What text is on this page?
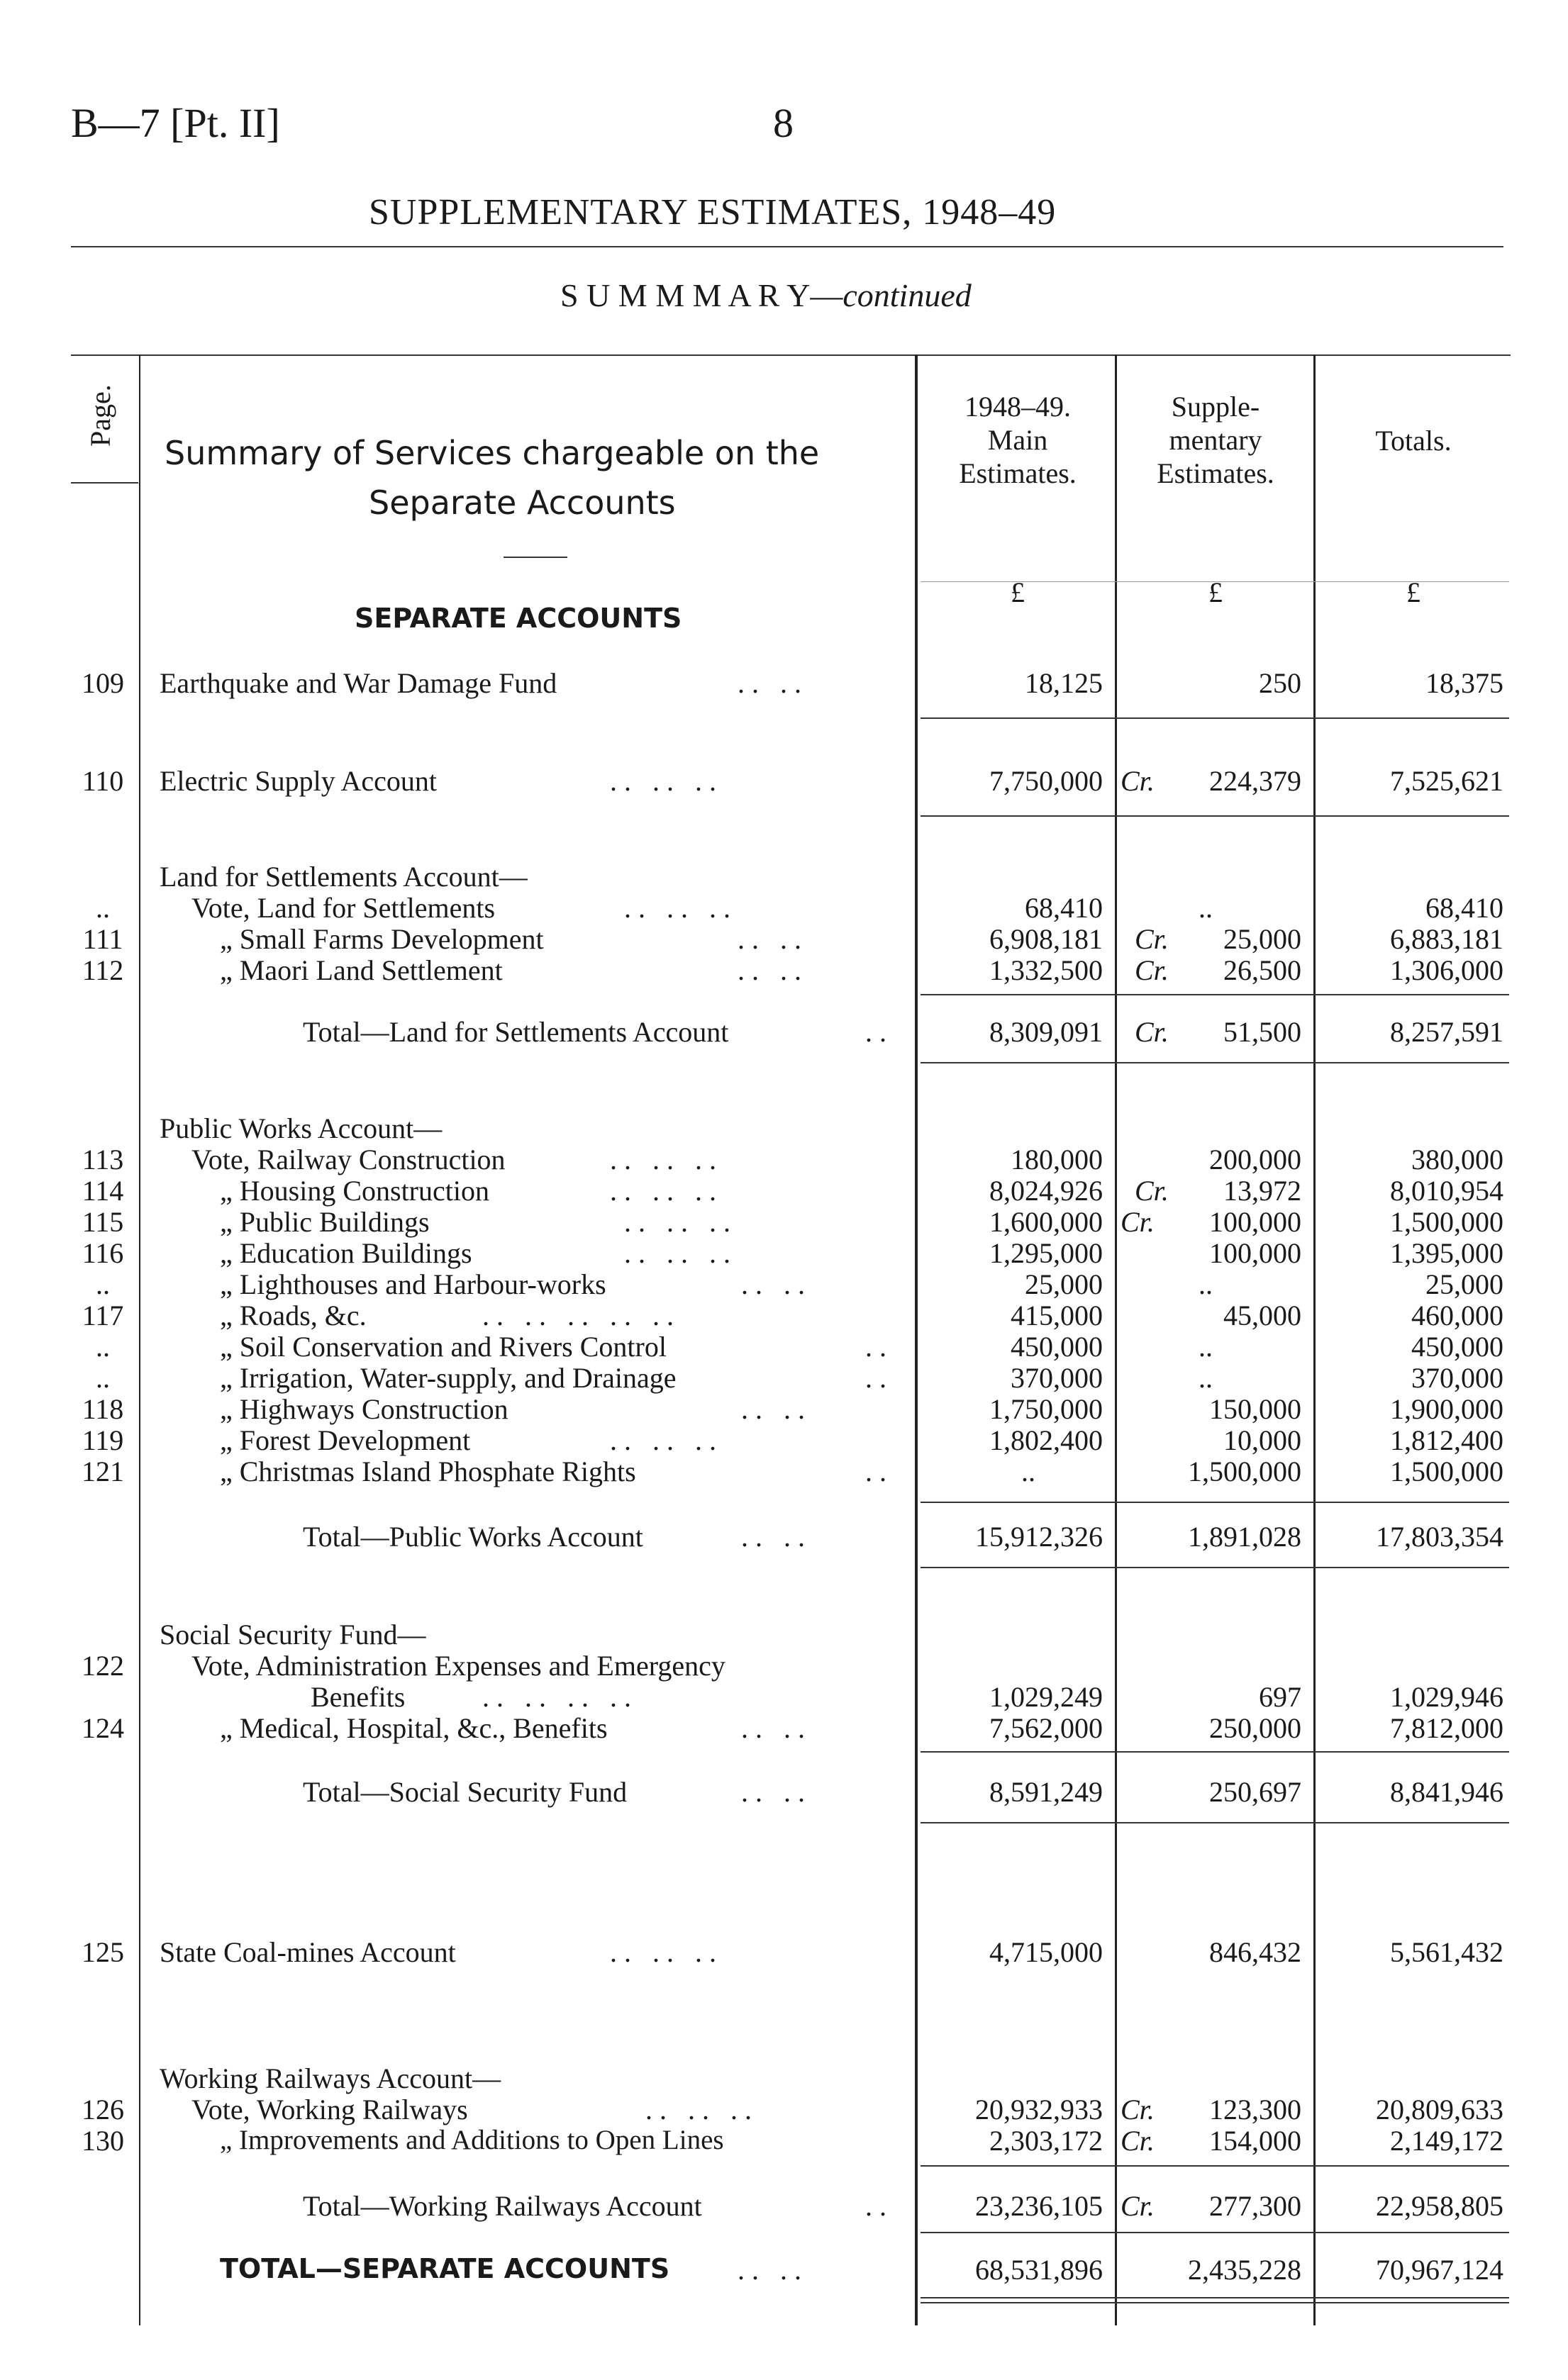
B—7 [Pt. II]	8
SUPPLEMENTARY ESTIMATES, 1948–49
S U M M M A R Y—continued
Page.
Summary of Services chargeable on the
Separate Accounts
1948–49.
Main
Estimates.
Supple-
mentary
Estimates.
Totals.
£	£	£
SEPARATE ACCOUNTS
109	Earthquake and War Damage Fund	.. ..	18,125	250	18,375
110	Electric Supply Account	.. .. ..	7,750,000 Cr.	224,379	7,525,621
Land for Settlements Account—
..	Vote, Land for Settlements	.. .. ..	68,410	..	68,410
111	„ Small Farms Development	.. ..	6,908,181 Cr.	25,000	6,883,181
112	„ Maori Land Settlement	.. ..	1,332,500 Cr.	26,500	1,306,000
Total—Land for Settlements Account	..	8,309,091 Cr.	51,500	8,257,591
Public Works Account—
113	Vote, Railway Construction	.. .. ..	180,000	200,000	380,000
114	„ Housing Construction	.. .. ..	8,024,926 Cr.	13,972	8,010,954
115	„ Public Buildings	.. .. ..	1,600,000 Cr.	100,000	1,500,000
116	„ Education Buildings	.. .. ..	1,295,000	100,000	1,395,000
..	„ Lighthouses and Harbour-works	.. ..	25,000	..	25,000
117	„ Roads, &c.	.. .. .. .. ..	415,000	45,000	460,000
..	„ Soil Conservation and Rivers Control	..	450,000	..	450,000
..	„ Irrigation, Water-supply, and Drainage	..	370,000	..	370,000
118	„ Highways Construction	.. ..	1,750,000	150,000	1,900,000
119	„ Forest Development	.. .. ..	1,802,400	10,000	1,812,400
121	„ Christmas Island Phosphate Rights	..	..	1,500,000	1,500,000
Total—Public Works Account	.. ..	15,912,326	1,891,028	17,803,354
Social Security Fund—
122	Vote, Administration Expenses and Emergency
Benefits	.. .. .. ..	1,029,249	697	1,029,946
124	„ Medical, Hospital, &c., Benefits	.. ..	7,562,000	250,000	7,812,000
Total—Social Security Fund	.. ..	8,591,249	250,697	8,841,946
125	State Coal-mines Account	.. .. ..	4,715,000	846,432	5,561,432
Working Railways Account—
126	Vote, Working Railways	.. .. ..	20,932,933 Cr.	123,300	20,809,633
130	„ Improvements and Additions to Open Lines	2,303,172 Cr.	154,000	2,149,172
Total—Working Railways Account	..	23,236,105 Cr.	277,300	22,958,805
TOTAL—SEPARATE ACCOUNTS .. ..	68,531,896	2,435,228	70,967,124
